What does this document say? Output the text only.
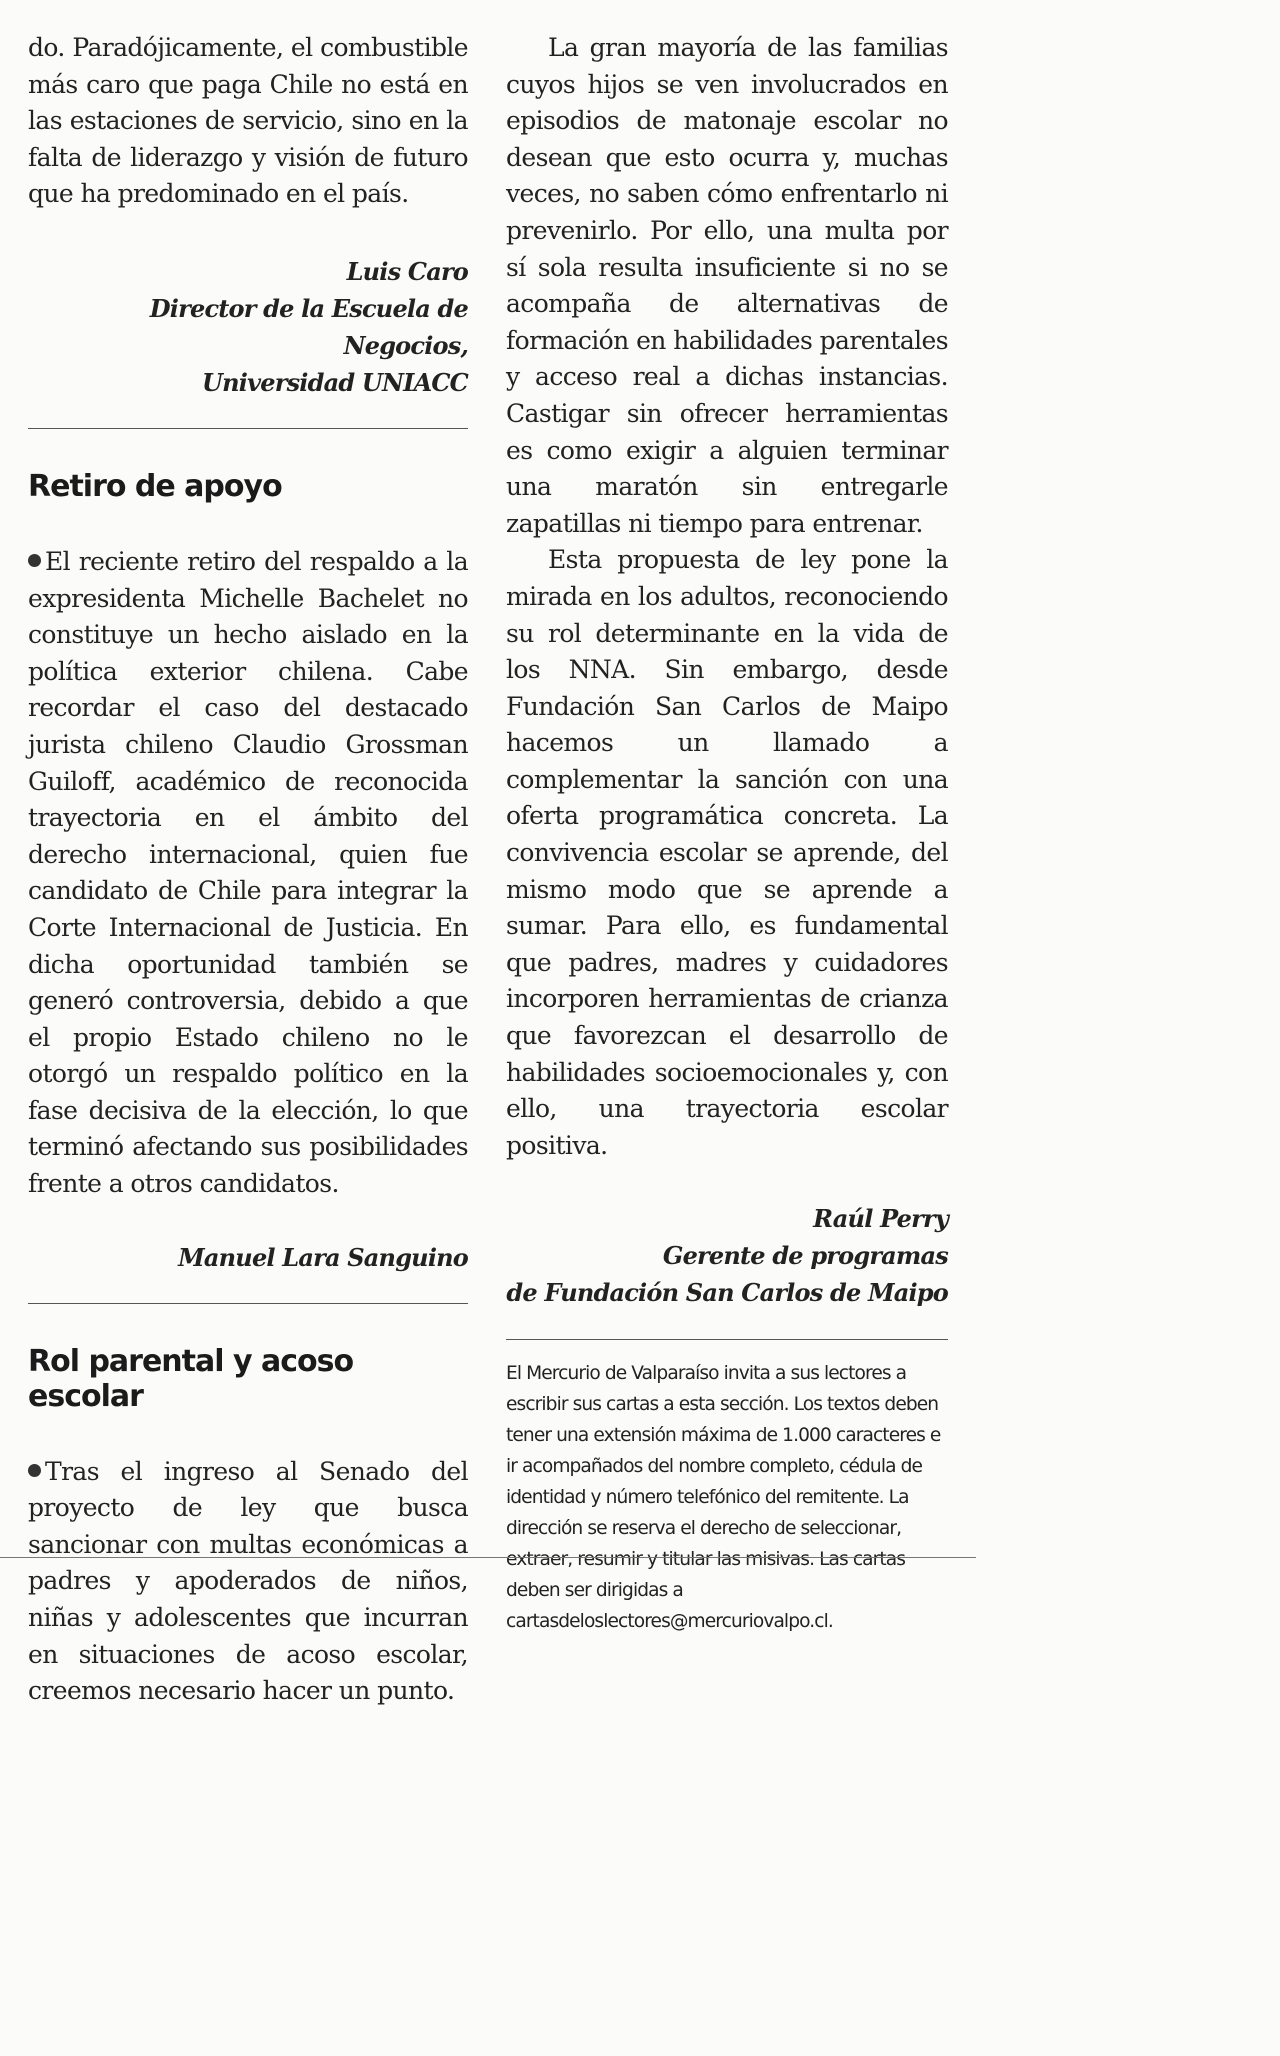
do. Paradójicamente, el combustible más caro que paga Chile no está en las estaciones de servicio, sino en la falta de liderazgo y visión de futuro que ha predominado en el país.

Luis Caro

Director de la Escuela de Negocios,

Universidad UNIACC

Retiro de apoyo

El reciente retiro del respaldo a la expresidenta Michelle Bachelet no constituye un hecho aislado en la política exterior chilena. Cabe recordar el caso del destacado jurista chileno Claudio Grossman Guiloff, académico de reconocida trayectoria en el ámbito del derecho internacional, quien fue candidato de Chile para integrar la Corte Internacional de Justicia. En dicha oportunidad también se generó controversia, debido a que el propio Estado chileno no le otorgó un respaldo político en la fase decisiva de la elección, lo que terminó afectando sus posibilidades frente a otros candidatos.

Manuel Lara Sanguino

Rol parental y acoso escolar

Tras el ingreso al Senado del proyecto de ley que busca sancionar con multas económicas a padres y apoderados de niños, niñas y adolescentes que incurran en situaciones de acoso escolar, creemos necesario hacer un punto.

La gran mayoría de las familias cuyos hijos se ven involucrados en episodios de matonaje escolar no desean que esto ocurra y, muchas veces, no saben cómo enfrentarlo ni prevenirlo. Por ello, una multa por sí sola resulta insuficiente si no se acompaña de alternativas de formación en habilidades parentales y acceso real a dichas instancias. Castigar sin ofrecer herramientas es como exigir a alguien terminar una maratón sin entregarle zapatillas ni tiempo para entrenar.

Esta propuesta de ley pone la mirada en los adultos, reconociendo su rol determinante en la vida de los NNA. Sin embargo, desde Fundación San Carlos de Maipo hacemos un llamado a complementar la sanción con una oferta programática concreta. La convivencia escolar se aprende, del mismo modo que se aprende a sumar. Para ello, es fundamental que padres, madres y cuidadores incorporen herramientas de crianza que favorezcan el desarrollo de habilidades socioemocionales y, con ello, una trayectoria escolar positiva.

Raúl Perry

Gerente de programas

de Fundación San Carlos de Maipo

El Mercurio de Valparaíso invita a sus lectores a escribir sus cartas a esta sección. Los textos deben tener una extensión máxima de 1.000 caracteres e ir acompañados del nombre completo, cédula de identidad y número telefónico del remitente. La dirección se reserva el derecho de seleccionar, extraer, resumir y titular las misivas. Las cartas deben ser dirigidas a cartasdeloslectores@mercuriovalpo.cl.
